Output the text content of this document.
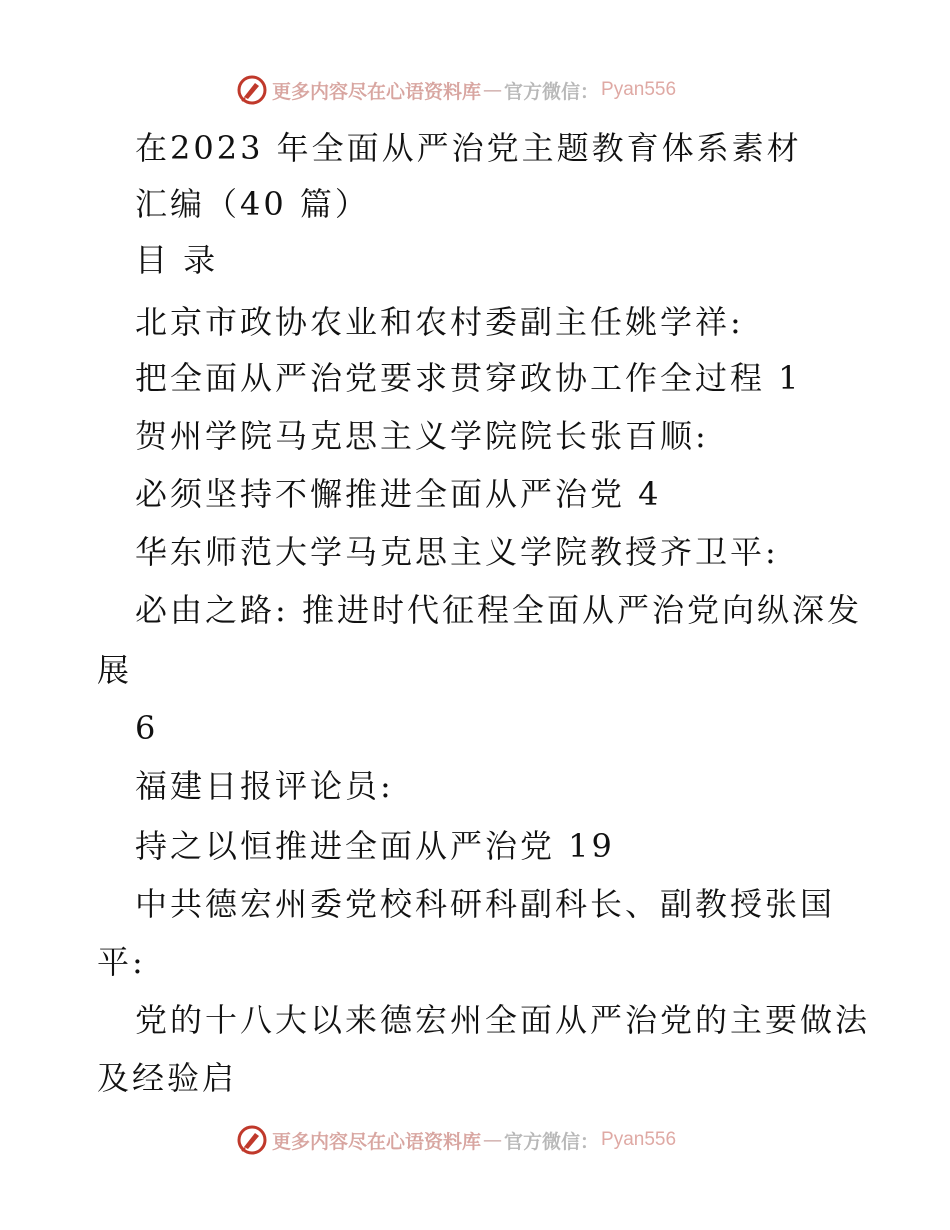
更多内容尽在心语资料库 — 官方微信： Pyan556
在2023 年全面从严治党主题教育体系素材
汇编（40 篇）
目 录
北京市政协农业和农村委副主任姚学祥:
把全面从严治党要求贯穿政协工作全过程 1
贺州学院马克思主义学院院长张百顺:
必须坚持不懈推进全面从严治党 4
华东师范大学马克思主义学院教授齐卫平:
必由之路: 推进时代征程全面从严治党向纵深发
展
6
福建日报评论员:
持之以恒推进全面从严治党 19
中共德宏州委党校科研科副科长、副教授张国
平:
党的十八大以来德宏州全面从严治党的主要做法
及经验启
更多内容尽在心语资料库 — 官方微信： Pyan556
